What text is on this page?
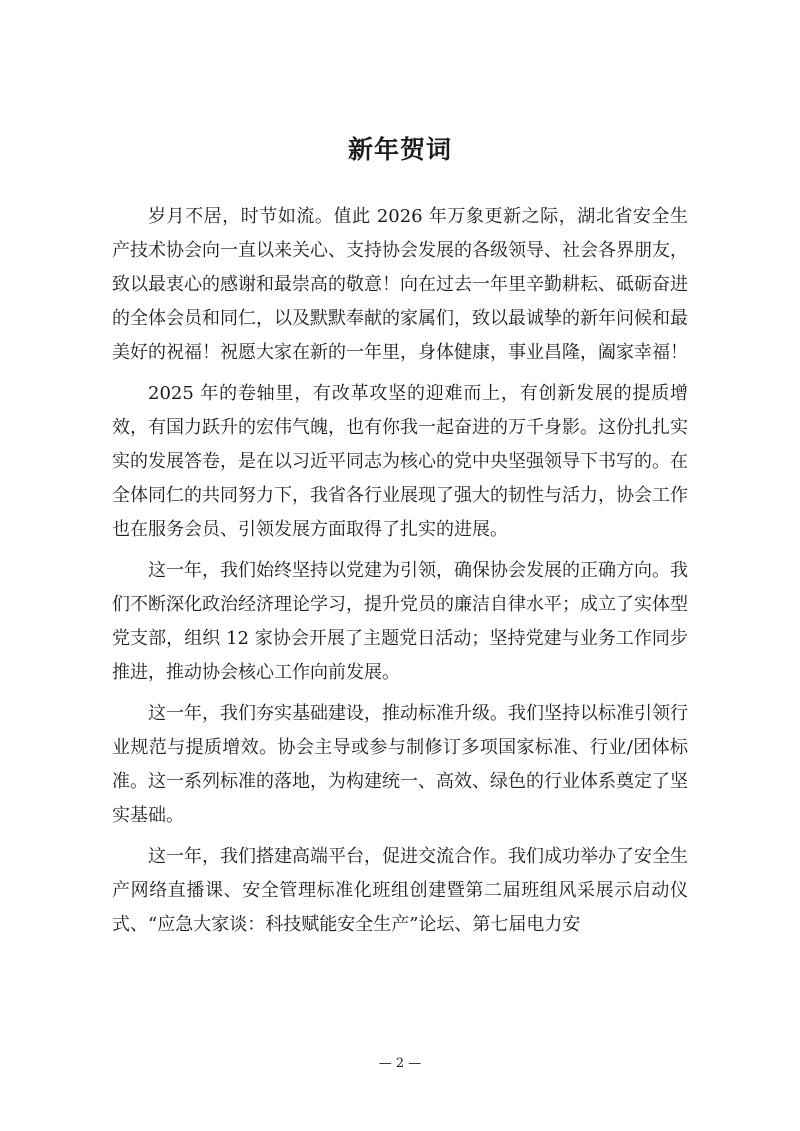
新年贺词

岁月不居，时节如流。值此 2026 年万象更新之际，湖北省安全生产技术协会向一直以来关心、支持协会发展的各级领导、社会各界朋友，致以最衷心的感谢和最崇高的敬意！向在过去一年里辛勤耕耘、砥砺奋进的全体会员和同仁，以及默默奉献的家属们，致以最诚挚的新年问候和最美好的祝福！祝愿大家在新的一年里，身体健康，事业昌隆，阖家幸福！

2025 年的卷轴里，有改革攻坚的迎难而上，有创新发展的提质增效，有国力跃升的宏伟气魄，也有你我一起奋进的万千身影。这份扎扎实实的发展答卷，是在以习近平同志为核心的党中央坚强领导下书写的。在全体同仁的共同努力下，我省各行业展现了强大的韧性与活力，协会工作也在服务会员、引领发展方面取得了扎实的进展。

这一年，我们始终坚持以党建为引领，确保协会发展的正确方向。我们不断深化政治经济理论学习，提升党员的廉洁自律水平；成立了实体型党支部，组织 12 家协会开展了主题党日活动；坚持党建与业务工作同步推进，推动协会核心工作向前发展。

这一年，我们夯实基础建设，推动标准升级。我们坚持以标准引领行业规范与提质增效。协会主导或参与制修订多项国家标准、行业/团体标准。这一系列标准的落地，为构建统一、高效、绿色的行业体系奠定了坚实基础。

这一年，我们搭建高端平台，促进交流合作。我们成功举办了安全生产网络直播课、安全管理标准化班组创建暨第二届班组风采展示启动仪式、“应急大家谈：科技赋能安全生产”论坛、第七届电力安

— 2 —
